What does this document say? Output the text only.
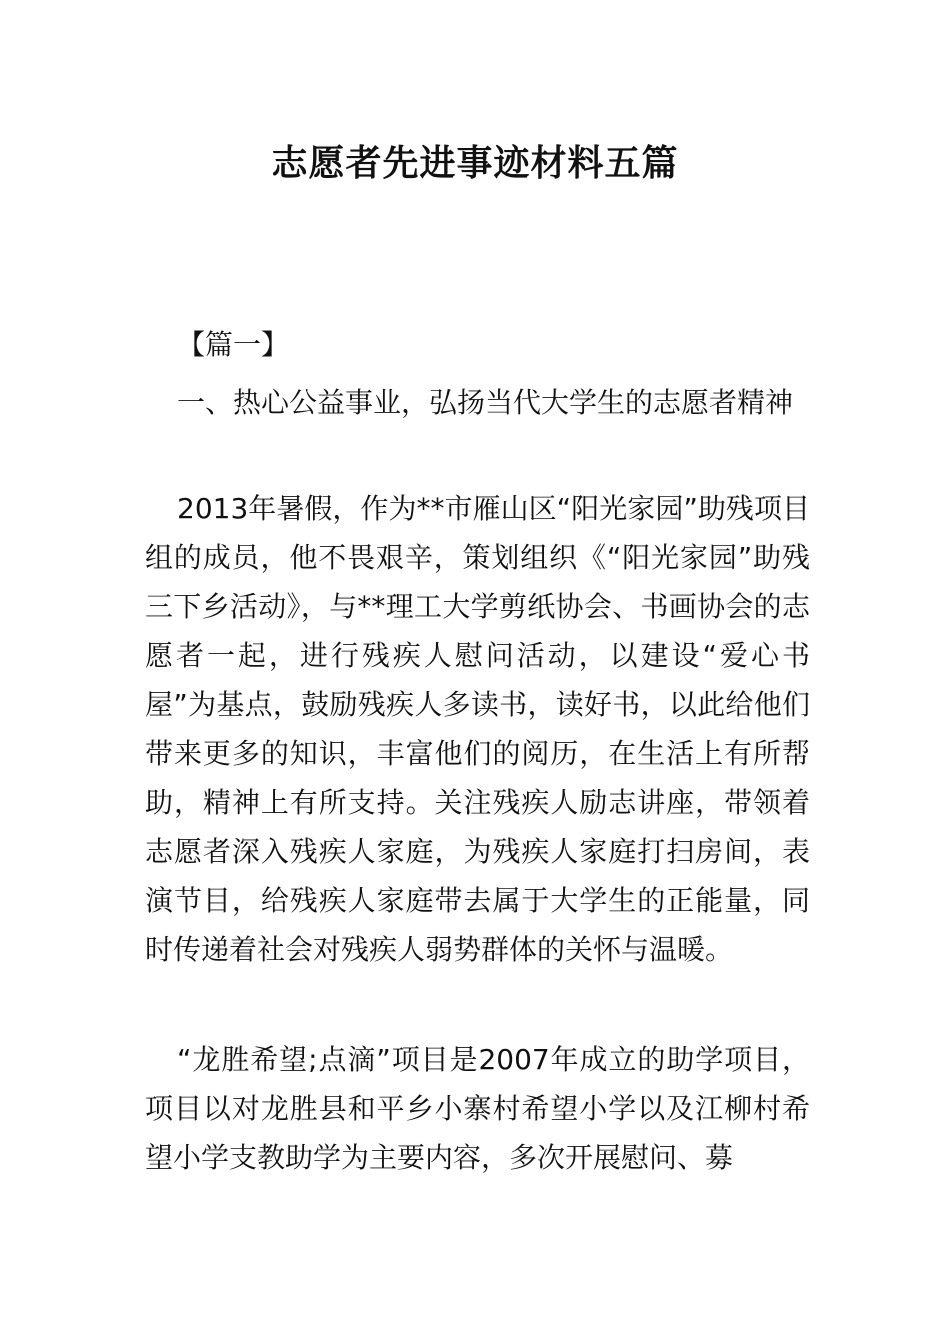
志愿者先进事迹材料五篇
【篇一】
一、热心公益事业，弘扬当代大学生的志愿者精神
2013年暑假，作为**市雁山区“阳光家园”助残项目组的成员，他不畏艰辛，策划组织《“阳光家园”助残三下乡活动》，与**理工大学剪纸协会、书画协会的志愿者一起，进行残疾人慰问活动，以建设“爱心书屋”为基点，鼓励残疾人多读书，读好书，以此给他们带来更多的知识，丰富他们的阅历，在生活上有所帮助，精神上有所支持。关注残疾人励志讲座，带领着志愿者深入残疾人家庭，为残疾人家庭打扫房间，表演节目，给残疾人家庭带去属于大学生的正能量，同时传递着社会对残疾人弱势群体的关怀与温暖。
“龙胜希望;点滴”项目是2007年成立的助学项目，项目以对龙胜县和平乡小寨村希望小学以及江柳村希望小学支教助学为主要内容，多次开展慰问、募
